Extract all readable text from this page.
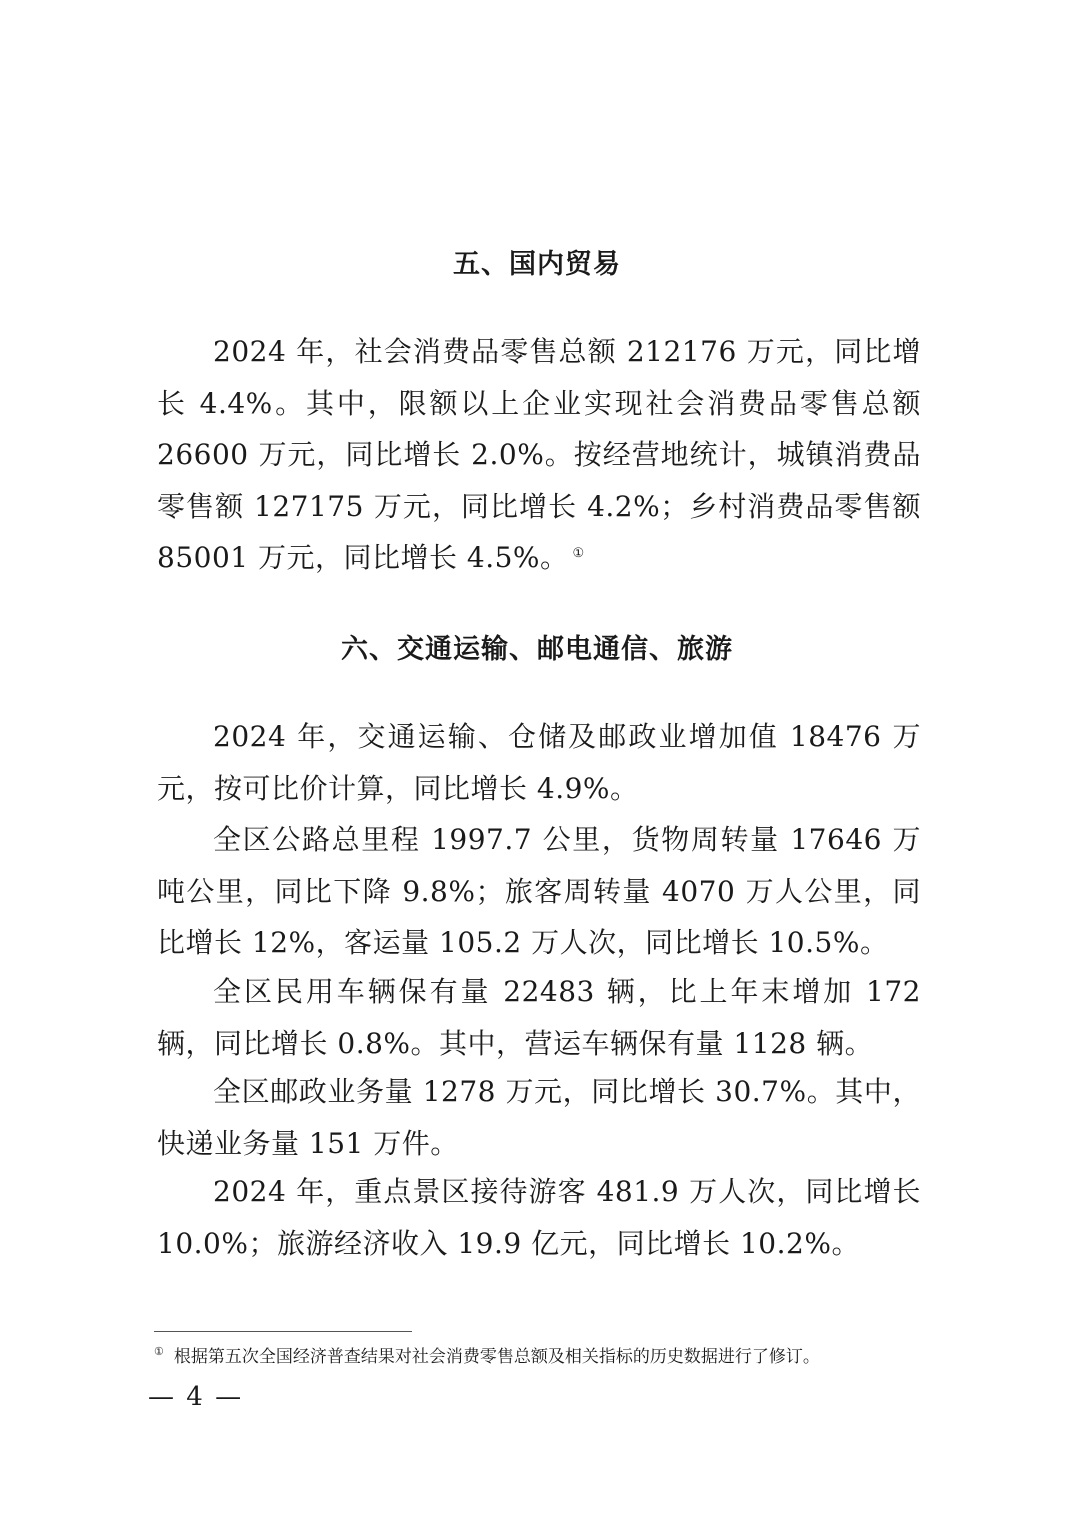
五、国内贸易

2024 年，社会消费品零售总额 212176 万元，同比增长 4.4%。其中，限额以上企业实现社会消费品零售总额 26600 万元，同比增长 2.0%。按经营地统计，城镇消费品零售额 127175 万元，同比增长 4.2%；乡村消费品零售额 85001 万元，同比增长 4.5%。 ①

六、交通运输、邮电通信、旅游

2024 年，交通运输、仓储及邮政业增加值 18476 万元，按可比价计算，同比增长 4.9%。

全区公路总里程 1997.7 公里，货物周转量 17646 万吨公里，同比下降 9.8%；旅客周转量 4070 万人公里，同比增长 12%，客运量 105.2 万人次，同比增长 10.5%。

全区民用车辆保有量 22483 辆，比上年末增加 172 辆，同比增长 0.8%。其中，营运车辆保有量 1128 辆。

全区邮政业务量 1278 万元，同比增长 30.7%。其中，快递业务量 151 万件。

2024 年，重点景区接待游客 481.9 万人次，同比增长 10.0%；旅游经济收入 19.9 亿元，同比增长 10.2%。

① 根据第五次全国经济普查结果对社会消费零售总额及相关指标的历史数据进行了修订。
— 4 —
